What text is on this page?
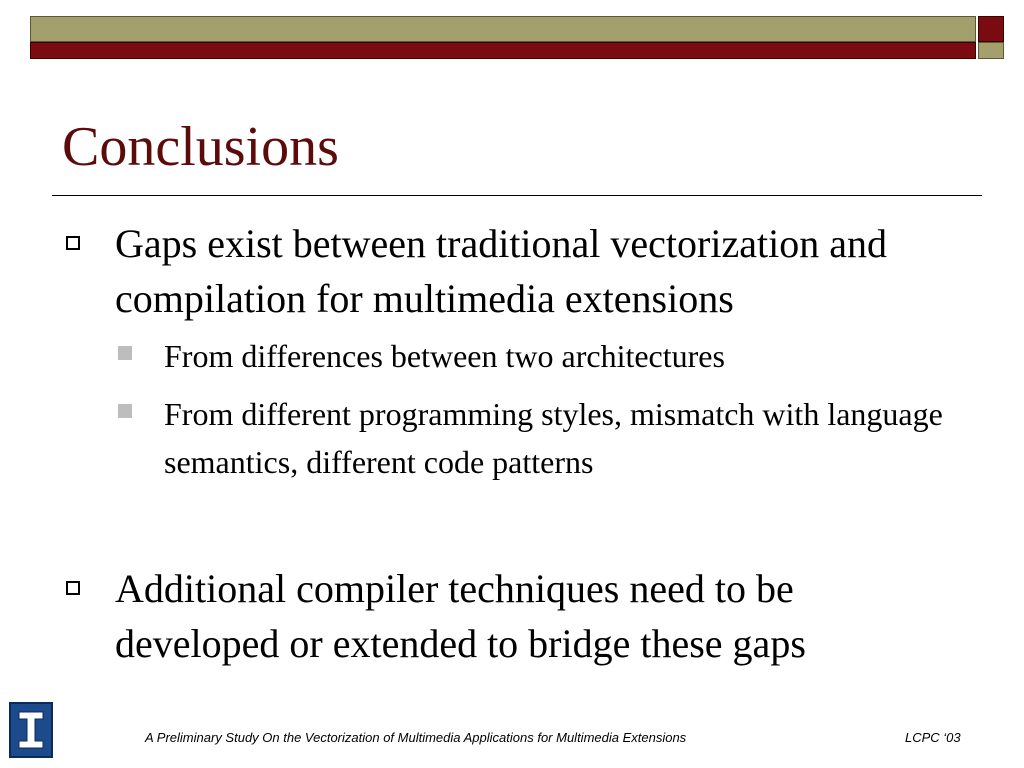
Conclusions
Gaps exist between traditional vectorization and compilation for multimedia extensions
From differences between two architectures
From different programming styles, mismatch with language semantics, different code patterns
Additional compiler techniques need to be developed or extended to bridge these gaps
A Preliminary Study On the Vectorization of Multimedia Applications for Multimedia Extensions	LCPC ‘03
